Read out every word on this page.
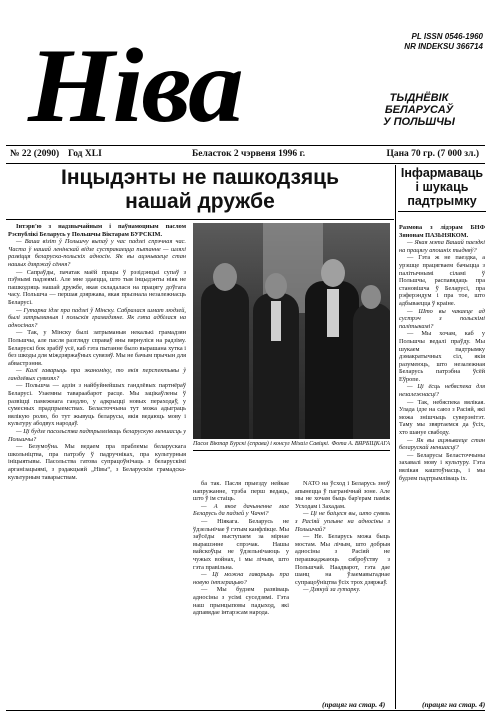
Ніва	PL ISSN 0546-1960
NR INDEKSU 366714
ТЫДНЁВІК
БЕЛАРУСАЎ
У ПОЛЬШЧЫ
№ 22 (2090) Год XLI	Беласток 2 чэрвеня 1996 г.	Цана 70 гр. (7 000 зл.)
Інцыдэнты не пашкодзяць
нашай дружбе
Інфармаваць
і шукаць
падтрымку

Інтэрв'ю з надзвычайным і паўнамоцным паслом Рэспублікі Беларусь у Польшчы Віктарам БУРСКІМ.

— Ваша візіт ў Польшчу выпаў у час падзеі спрэчная час. Часта ў нашай ленінскай відзе сустракаецца пытанне — шляхі развіцця беларуска-польскіх адносін. Як вы ацэньваеце стан нашых дзяржаў сёння?

— Сапраўды, пачатак маёй працы ў рэзідэнцыі супаў з пэўнымі падзеямі. Але мне здаецца, што тыя інцыдэнты ніяк не пашкодзяць нашай дружбе, якая складалася на працягу доўгага часу. Польшча — першая дзяржава, якая прызнала незалежнасць Беларусі.

— Гутарка ідзе пра падзеі ў Мінску. Сабралася шмат людзей, былі затрыманыя і польскія грамадзяне. Як гэта адбілася на адносінах?

— Так, у Мінску былі затрыманыя некалькі грамадзян Польшчы, але пасля разгляду справаў яны вярнуліся на радзіму. Беларускі бок зрабіў усё, каб гэта пытанне было вырашана хутка і без шкоды для міждзяржаўных сувязяў. Мы не бачым прычын для абвастрэння.

— Калі гаварыць пра эканоміку, то якія перспектывы ў гандлёвых сувязях?

— Польшча — адзін з найбуйнейшых гандлёвых партнёраў Беларусі. Узаемны тавараабарот расце. Мы зацікаўлены ў развіцці памежнага гандлю, у адкрыцці новых пераходаў, у сумесных прадпрыемствах. Беласточчына тут можа адыграць вялікую ролю, бо тут жывуць беларусы, якія ведаюць мову і культуру абодвух народаў.

— Ці будзе пасольства падтрымліваць беларускую меншасць у Польшчы?

— Безумоўна. Мы ведаем пра праблемы беларускага школьніцтва, пра патрэбу ў падручніках, пра культурныя ініцыятывы. Пасольства гатова супрацоўнічаць з беларускімі арганізацыямі, з рэдакцыяй „Нівы“, з Беларускім грамадска-культурным таварыствам.

Пасол Віктар Бурскі (справа) і консул Міхаіл Савіцкі. Фота А. ВЯРБІЦКАГА

ба так. Пасля прыезду нейкае напружанне, трэба перш ведаць, што ў ім стаіць.

— А якое дачыненне мае Беларусь да падзей у Чачні?

— Ніякага. Беларусь не ўдзельнічае ў гэтым канфлікце. Мы заўсёды выступаем за мірнае вырашэнне спрэчак. Нашы вайскоўцы не ўдзельнічаюць у чужых войнах, і мы лічым, што гэта правільна.

— Ці можна гаварыць пра новую інтэграцыю?

— Мы будзем развіваць адносіны з усімі суседзямі. Гэта наш прынцыповы падыход, які адпавядае інтарэсам народа.

NATO на ўсход і Беларусь зноў апынецца ў пагранічнай зоне. Але мы не хочам быць бар'ерам паміж Усходам і Захадам.

— Ці не баіцеся вы, што сувязь з Расіяй уплыне на адносіны з Польшчай?

— Не. Беларусь можа быць мостам. Мы лічым, што добрыя адносіны з Расіяй не перашкаджаюць сяброўству з Польшчай. Наадварот, гэта дае шанц на ўзаемавыгаднае супрацоўніцтва ўсіх трох дзяржаў.

— Дзякуй за гутарку.

Размова з лідэрам БНФ Зянонам ПАЗЬНЯКОМ.

— Якая мэта Вашай паездкі на працягу апошніх тыдняў?

— Гэта ж не паездка, а урэшце працягваем бачыцца з палітычнымі сіламі ў Польшчы, распавядаць пра становішча ў Беларусі, пра рэферэндум і пра тое, што адбываецца ў краіне.

— Што вы чакаеце ад сустрэч з польскімі палітыкамі?

— Мы хочам, каб у Польшчы ведалі праўду. Мы шукаем падтрымку дэмакратычных сіл, якія разумеюць, што незалежная Беларусь патрэбна ўсёй Еўропе.

— Ці ёсць небяспека для незалежнасці?

— Так, небяспека вялікая. Улада ідзе на саюз з Расіяй, які можа знішчыць суверэнітэт. Таму мы звяртаемся да ўсіх, хто шануе свабоду.

— Як вы ацэньваеце стан беларускай меншасці?

— Беларусы Беласточчыны захавалі мову і культуру. Гэта вялікая каштоўнасць, і мы будзем падтрымліваць іх.

(працяг на стар. 4)	(працяг на стар. 4)
